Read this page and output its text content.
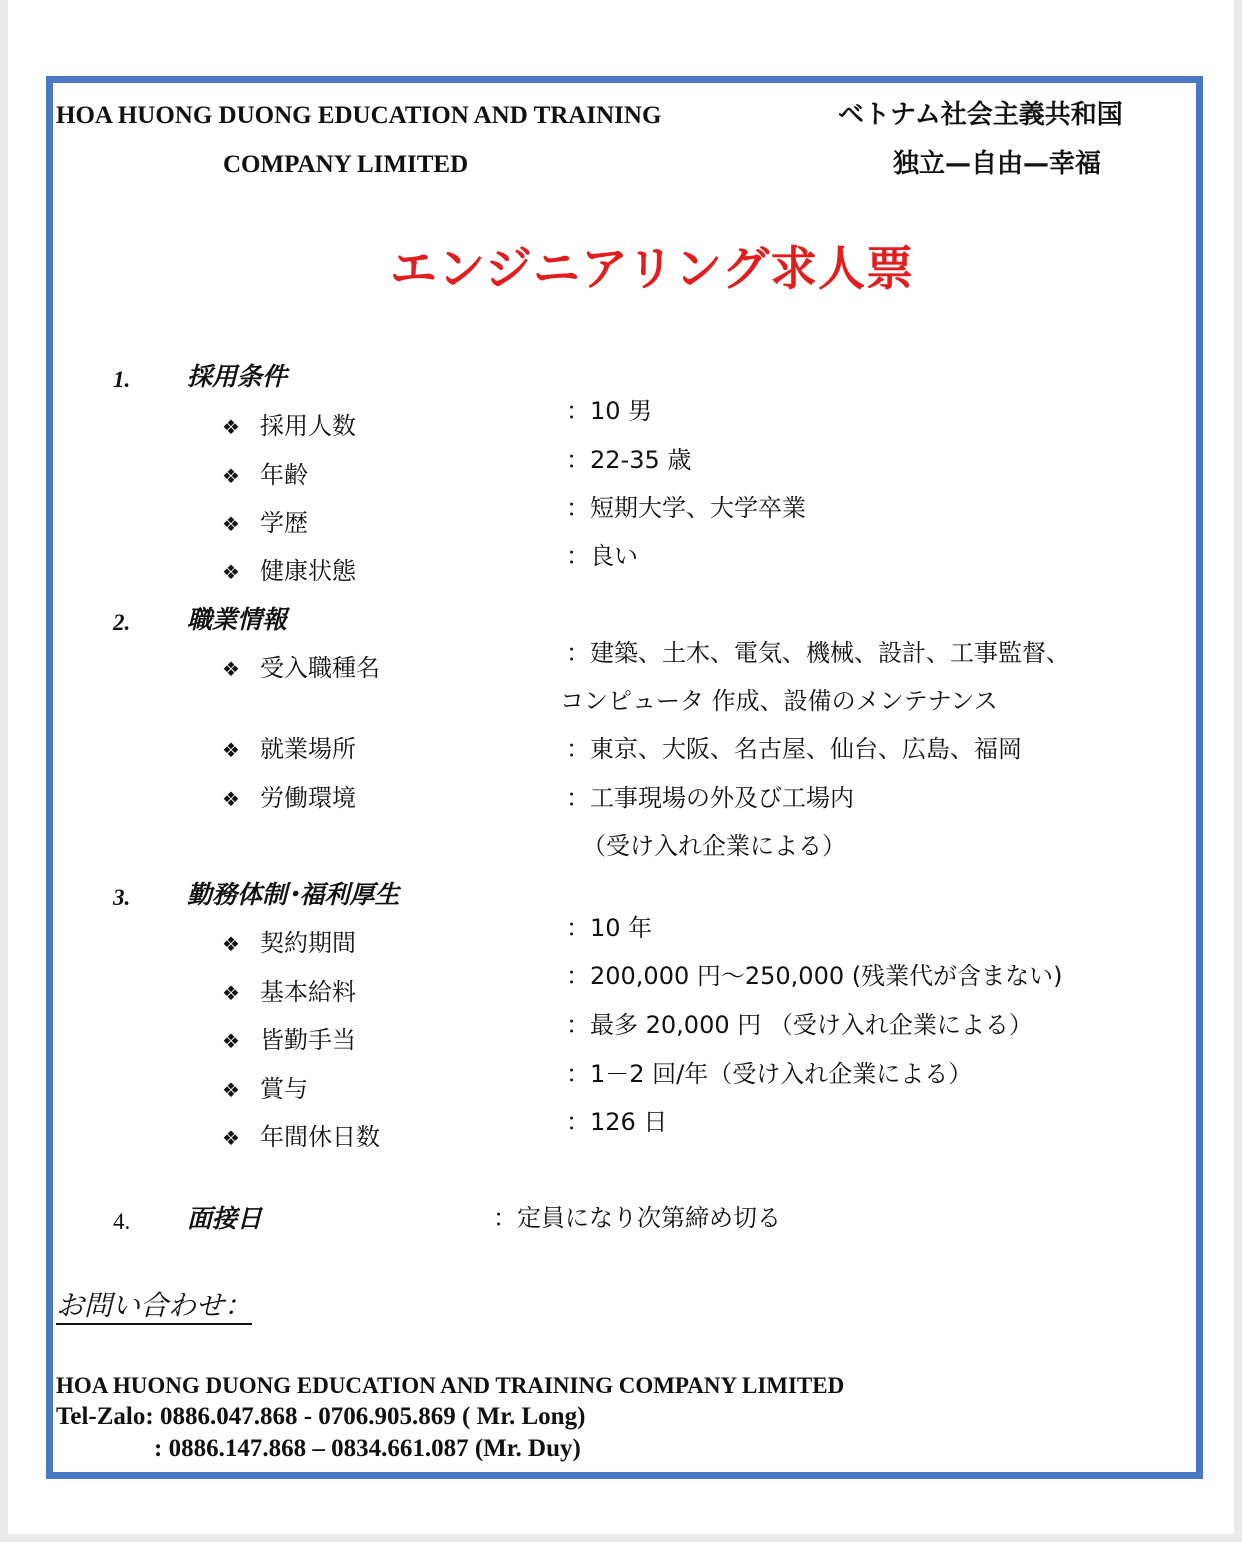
HOA HUONG DUONG EDUCATION AND TRAINING
COMPANY LIMITED
ベトナム社会主義共和国
独立—自由—幸福
エンジニアリング求人票
1. 採用条件
❖ 採用人数
：10 男
❖ 年齢
：22-35 歳
❖ 学歴
：短期大学、大学卒業
❖ 健康状態
：良い
2. 職業情報
❖ 受入職種名
：建築、土木、電気、機械、設計、工事監督、
コンピュータ 作成、設備のメンテナンス
❖ 就業場所	：東京、大阪、名古屋、仙台、広島、福岡
❖ 労働環境	：工事現場の外及び工場内
（受け入れ企業による）
3. 勤務体制･福利厚生
❖ 契約期間
：10 年
❖ 基本給料
：200,000 円～250,000 (残業代が含まない)
❖ 皆勤手当
：最多 20,000 円 （受け入れ企業による）
❖ 賞与
：1－2 回/年（受け入れ企業による）
❖ 年間休日数
：126 日
4. 面接日	：定員になり次第締め切る
お問い合わせ：
HOA HUONG DUONG EDUCATION AND TRAINING COMPANY LIMITED
Tel-Zalo: 0886.047.868 - 0706.905.869 ( Mr. Long)
: 0886.147.868 – 0834.661.087 (Mr. Duy)
